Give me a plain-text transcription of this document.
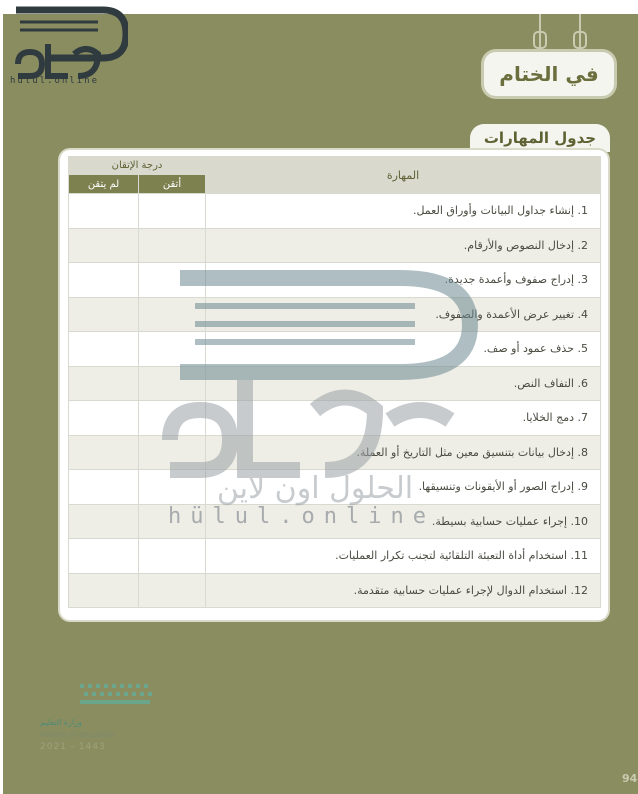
hulul.online	في الختام
جدول المهارات
درجة الإتقان		المهارة
لم يتقن	أتقن	
		1. إنشاء جداول البيانات وأوراق العمل.
		2. إدخال النصوص والأرقام.
		3. إدراج صفوف وأعمدة جديدة.
		4. تغيير عرض الأعمدة والصفوف.
		5. حذف عمود أو صف.
		6. التفاف النص.
		7. دمج الخلايا.
		8. إدخال بيانات بتنسيق معين مثل التاريخ أو العملة.
		9. إدراج الصور أو الأيقونات وتنسيقها.
		10. إجراء عمليات حسابية بسيطة.
		11. استخدام أداة التعبئة التلقائية لتجنب تكرار العمليات.
		12. استخدام الدوال لإجراء عمليات حسابية متقدمة.
الحلول اون لاين
hülul.online
وزارة التعليم
Ministry of Education
2021 - 1443
94
